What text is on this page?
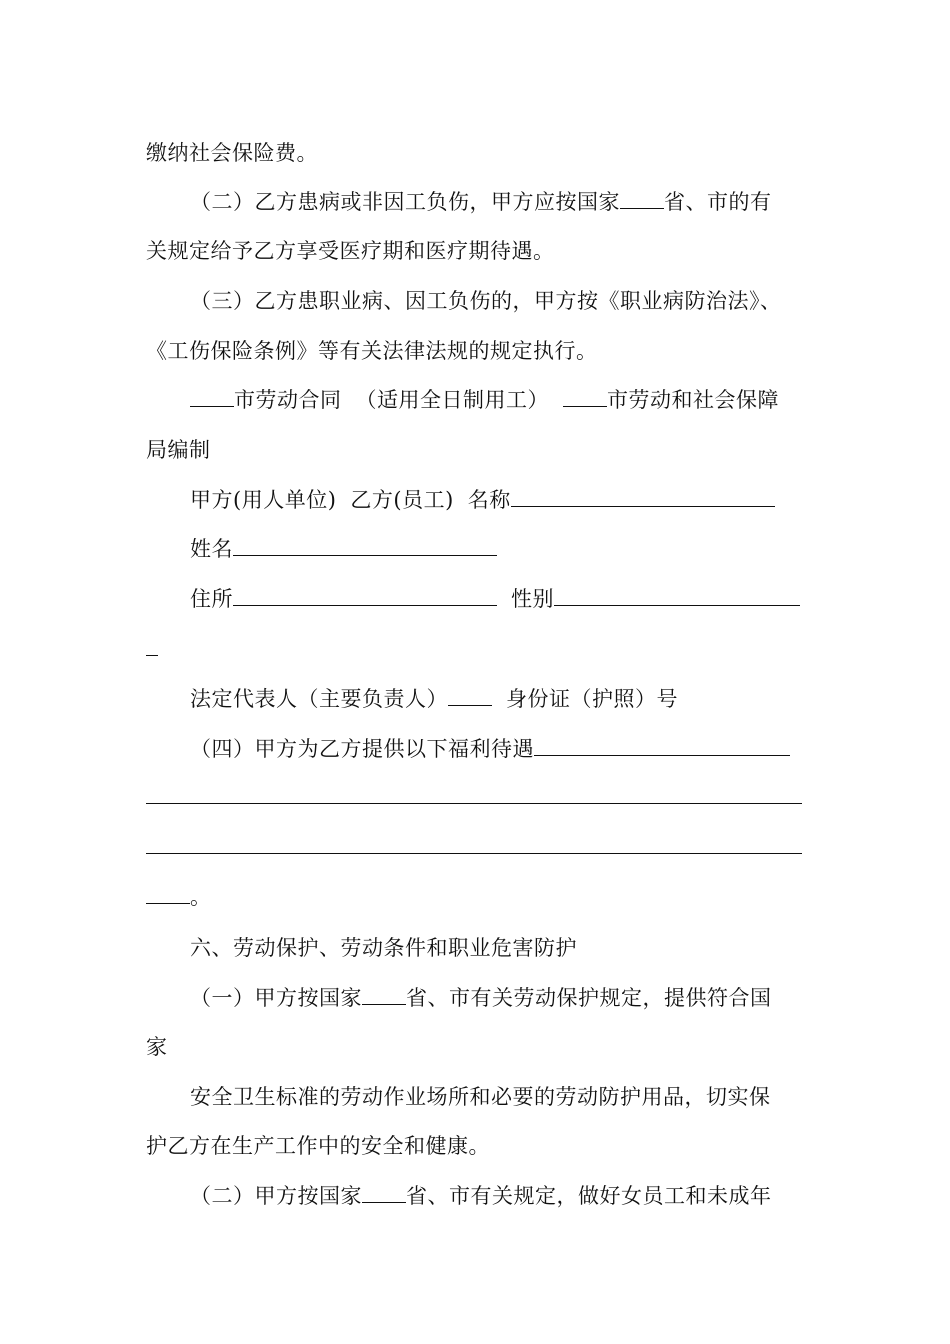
缴纳社会保险费。
（二）乙方患病或非因工负伤，甲方应按国家 省、市的有
关规定给予乙方享受医疗期和医疗期待遇。
（三）乙方患职业病、因工负伤的，甲方按《职业病防治法》、
《工伤保险条例》等有关法律法规的规定执行。
市劳动合同 （适用全日制用工）	市劳动和社会保障
局编制
甲方(用人单位) 乙方(员工) 名称
姓名
住所	性别
法定代表人（主要负责人）	身份证（护照）号
（四）甲方为乙方提供以下福利待遇
。
六、劳动保护、劳动条件和职业危害防护
（一）甲方按国家 省、市有关劳动保护规定，提供符合国
家
安全卫生标准的劳动作业场所和必要的劳动防护用品，切实保
护乙方在生产工作中的安全和健康。
（二）甲方按国家 省、市有关规定，做好女员工和未成年
